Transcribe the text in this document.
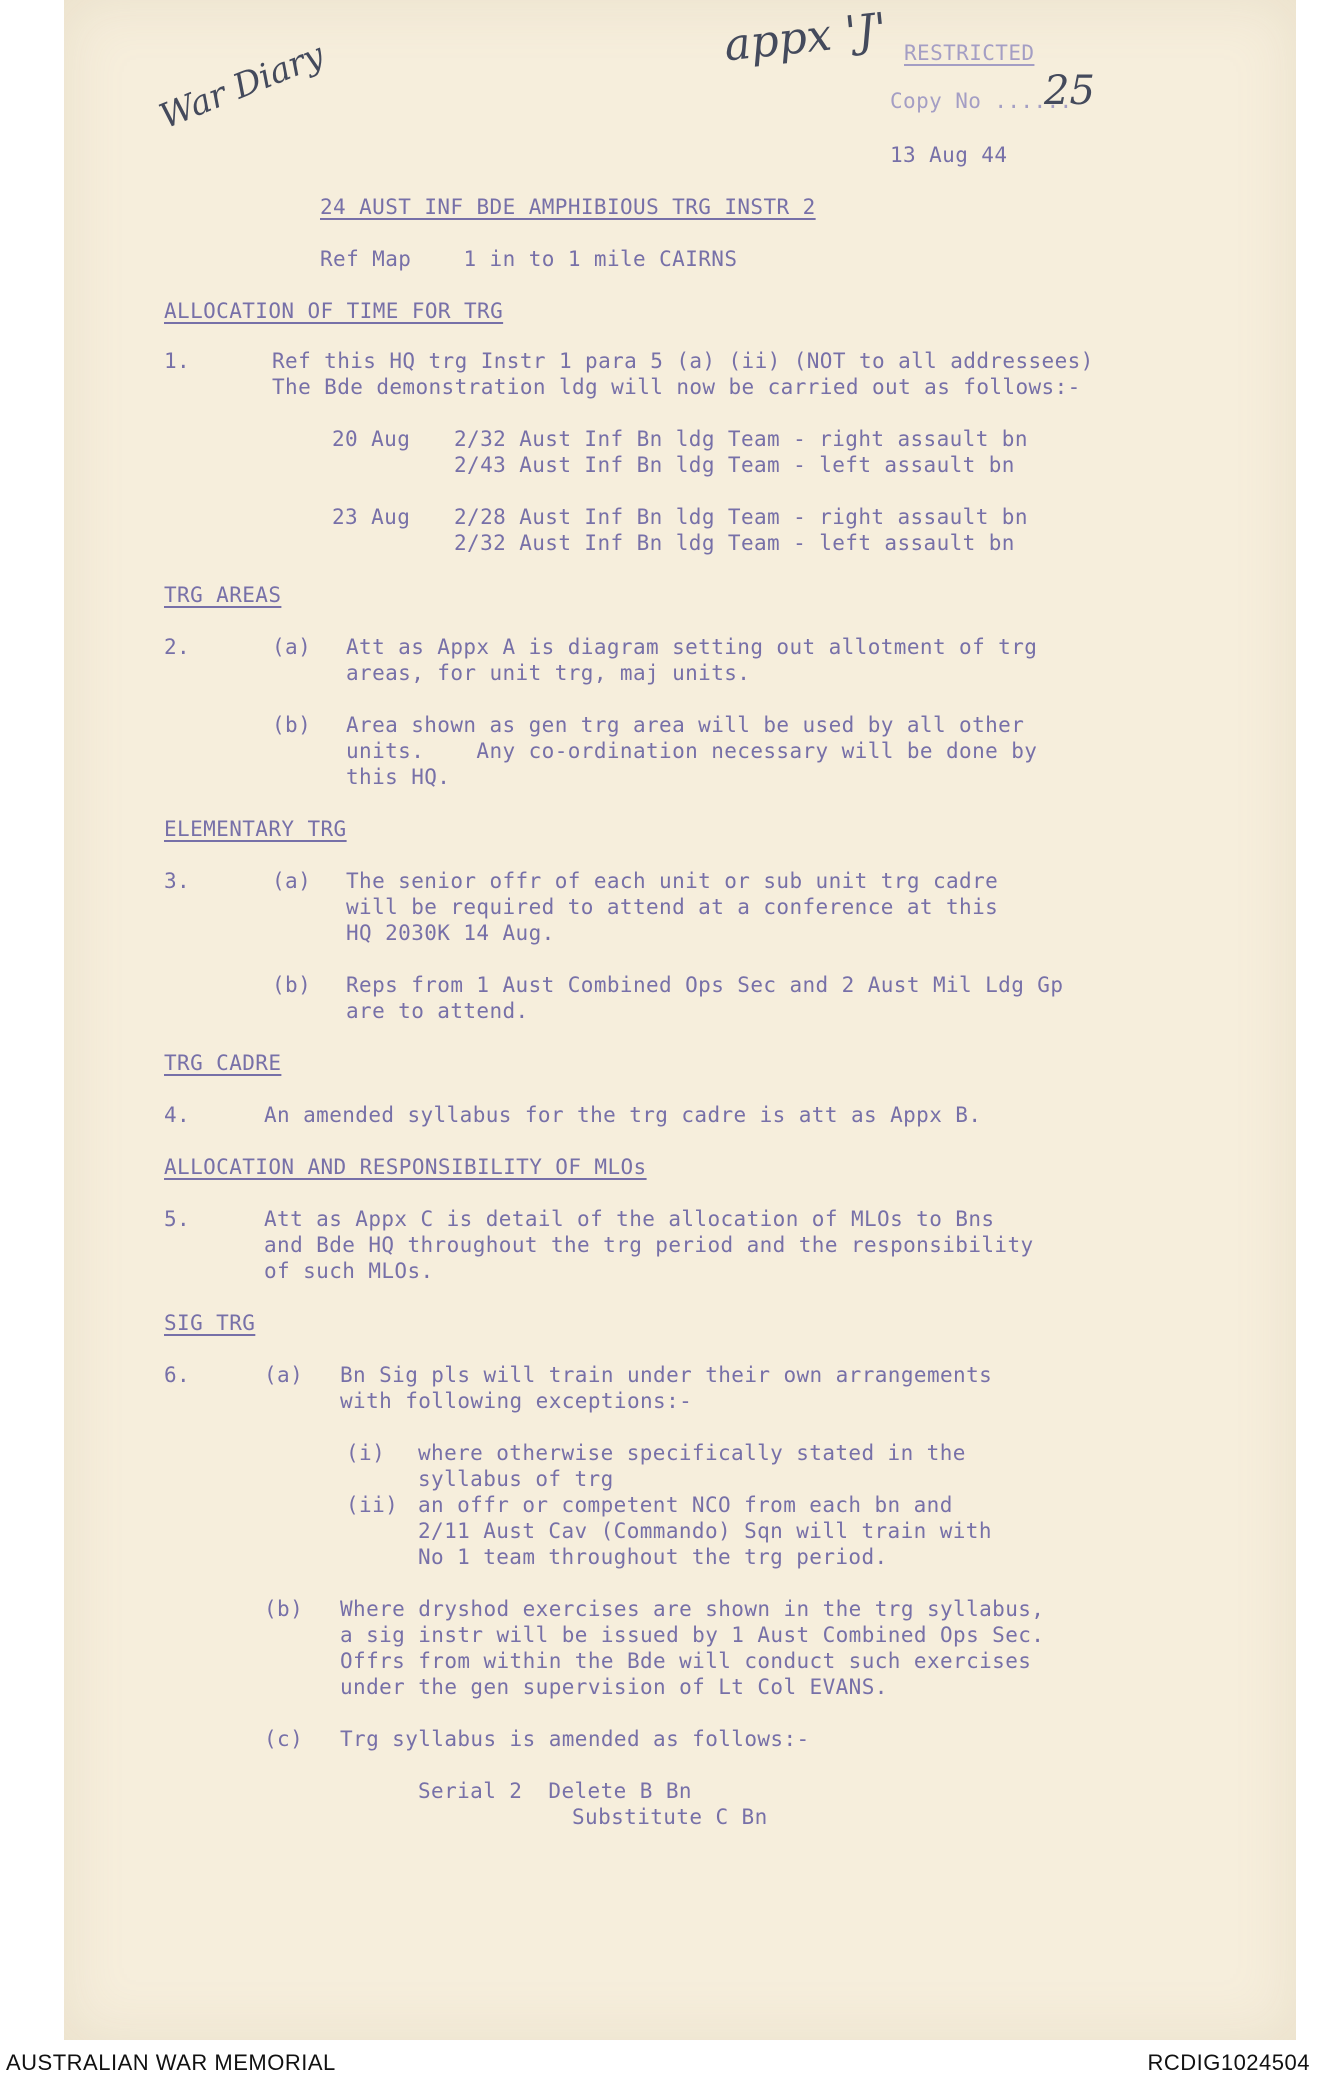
War Diary	appx 'J'
25
RESTRICTED
Copy No ......
13 Aug 44
24 AUST INF BDE AMPHIBIOUS TRG INSTR 2
Ref Map    1 in to 1 mile CAIRNS
ALLOCATION OF TIME FOR TRG
1.	Ref this HQ trg Instr 1 para 5 (a) (ii) (NOT to all addressees)
The Bde demonstration ldg will now be carried out as follows:-
20 Aug 2/32 Aust Inf Bn ldg Team - right assault bn
2/43 Aust Inf Bn ldg Team - left assault bn
23 Aug 2/28 Aust Inf Bn ldg Team - right assault bn
2/32 Aust Inf Bn ldg Team - left assault bn
TRG AREAS
2.	(a) Att as Appx A is diagram setting out allotment of trg
areas, for unit trg, maj units.
(b) Area shown as gen trg area will be used by all other
units.    Any co-ordination necessary will be done by
this HQ.
ELEMENTARY TRG
3.	(a) The senior offr of each unit or sub unit trg cadre
will be required to attend at a conference at this
HQ 2030K 14 Aug.
(b) Reps from 1 Aust Combined Ops Sec and 2 Aust Mil Ldg Gp
are to attend.
TRG CADRE
4.	An amended syllabus for the trg cadre is att as Appx B.
ALLOCATION AND RESPONSIBILITY OF MLOs
5.	Att as Appx C is detail of the allocation of MLOs to Bns
and Bde HQ throughout the trg period and the responsibility
of such MLOs.
SIG TRG
6.	(a) Bn Sig pls will train under their own arrangements
with following exceptions:-
(i) where otherwise specifically stated in the
syllabus of trg
(ii) an offr or competent NCO from each bn and
2/11 Aust Cav (Commando) Sqn will train with
No 1 team throughout the trg period.
(b) Where dryshod exercises are shown in the trg syllabus,
a sig instr will be issued by 1 Aust Combined Ops Sec.
Offrs from within the Bde will conduct such exercises
under the gen supervision of Lt Col EVANS.
(c) Trg syllabus is amended as follows:-
Serial 2  Delete B Bn
Substitute C Bn
AUSTRALIAN WAR MEMORIAL	RCDIG1024504
